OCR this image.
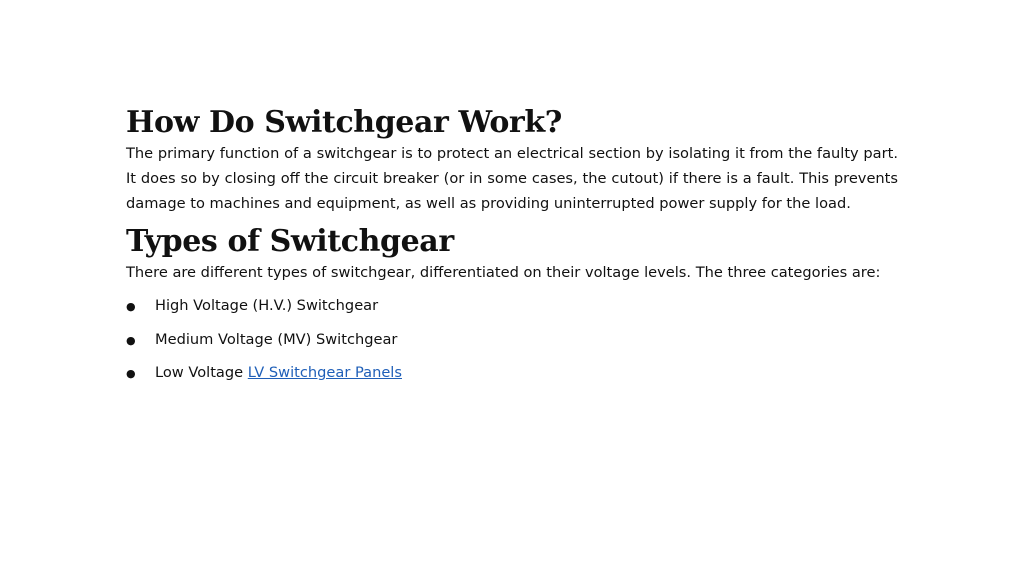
How Do Switchgear Work?

The primary function of a switchgear is to protect an electrical section by isolating it from the faulty part. It does so by closing off the circuit breaker (or in some cases, the cutout) if there is a fault. This prevents damage to machines and equipment, as well as providing uninterrupted power supply for the load.

Types of Switchgear

There are different types of switchgear, differentiated on their voltage levels. The three categories are:

● High Voltage (H.V.) Switchgear
● Medium Voltage (MV) Switchgear
● Low Voltage LV Switchgear Panels
